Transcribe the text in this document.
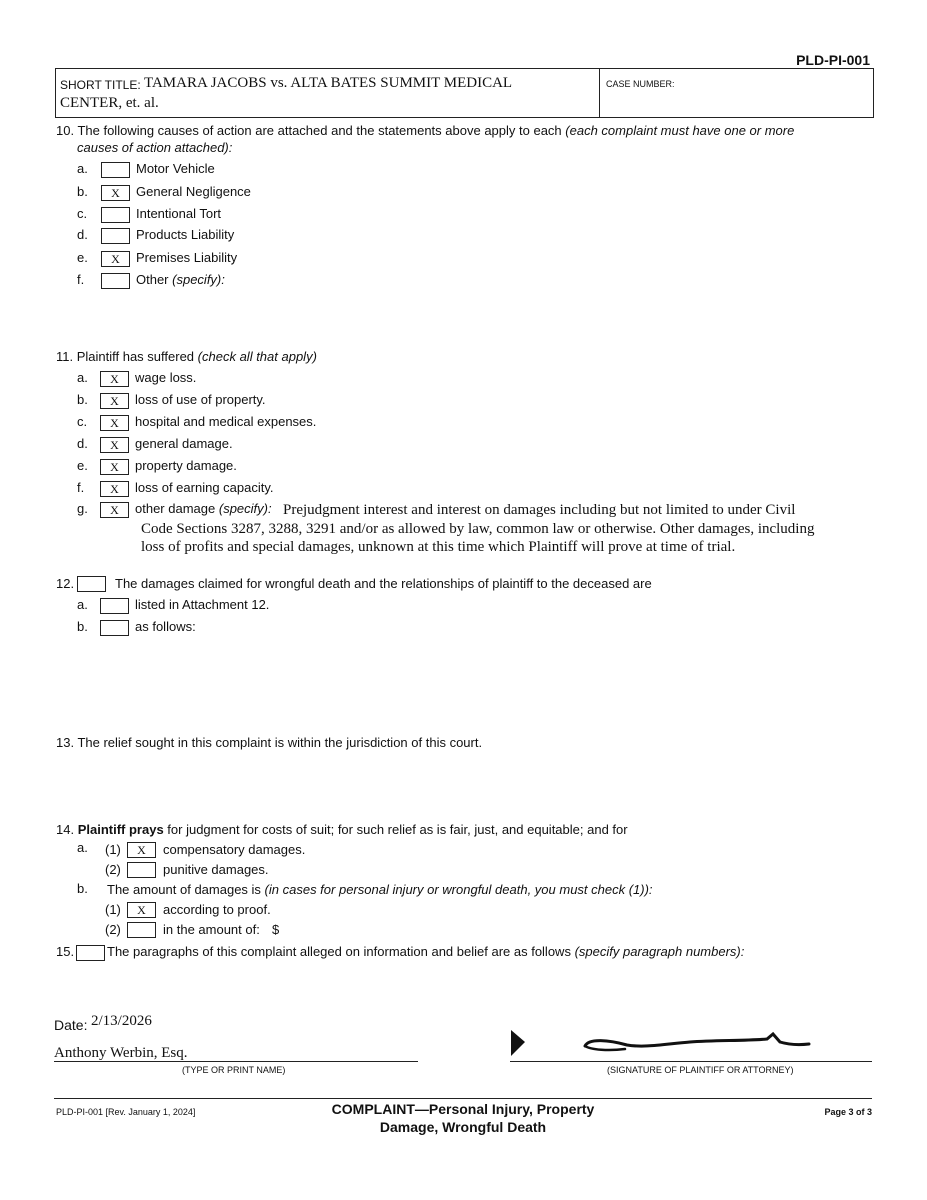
PLD-PI-001
SHORT TITLE: TAMARA JACOBS vs. ALTA BATES SUMMIT MEDICAL
CENTER, et. al.
CASE NUMBER:
10. The following causes of action are attached and the statements above apply to each (each complaint must have one or more
causes of action attached):
a.	Motor Vehicle
b.	X	General Negligence
c.	Intentional Tort
d.	Products Liability
e.	X	Premises Liability
f.	Other (specify):
11. Plaintiff has suffered (check all that apply)
a.	X	wage loss.
b.	X	loss of use of property.
c.	X	hospital and medical expenses.
d.	X	general damage.
e.	X	property damage.
f.	X	loss of earning capacity.
g.	X	other damage (specify): Prejudgment interest and interest on damages including but not limited to under Civil
Code Sections 3287, 3288, 3291 and/or as allowed by law, common law or otherwise. Other damages, including
loss of profits and special damages, unknown at this time which Plaintiff will prove at time of trial.
12.	The damages claimed for wrongful death and the relationships of plaintiff to the deceased are
a.	listed in Attachment 12.
b.	as follows:
13. The relief sought in this complaint is within the jurisdiction of this court.
14. Plaintiff prays for judgment for costs of suit; for such relief as is fair, just, and equitable; and for
a. (1)	X	compensatory damages.
(2)	punitive damages.
b. The amount of damages is (in cases for personal injury or wrongful death, you must check (1)):
(1)	X	according to proof.
(2)	in the amount of: $
15.	The paragraphs of this complaint alleged on information and belief are as follows (specify paragraph numbers):
Date: 2/13/2026
Anthony Werbin, Esq.
(TYPE OR PRINT NAME)	(SIGNATURE OF PLAINTIFF OR ATTORNEY)
PLD-PI-001 [Rev. January 1, 2024]	COMPLAINT—Personal Injury, Property
Damage, Wrongful Death
Page 3 of 3
